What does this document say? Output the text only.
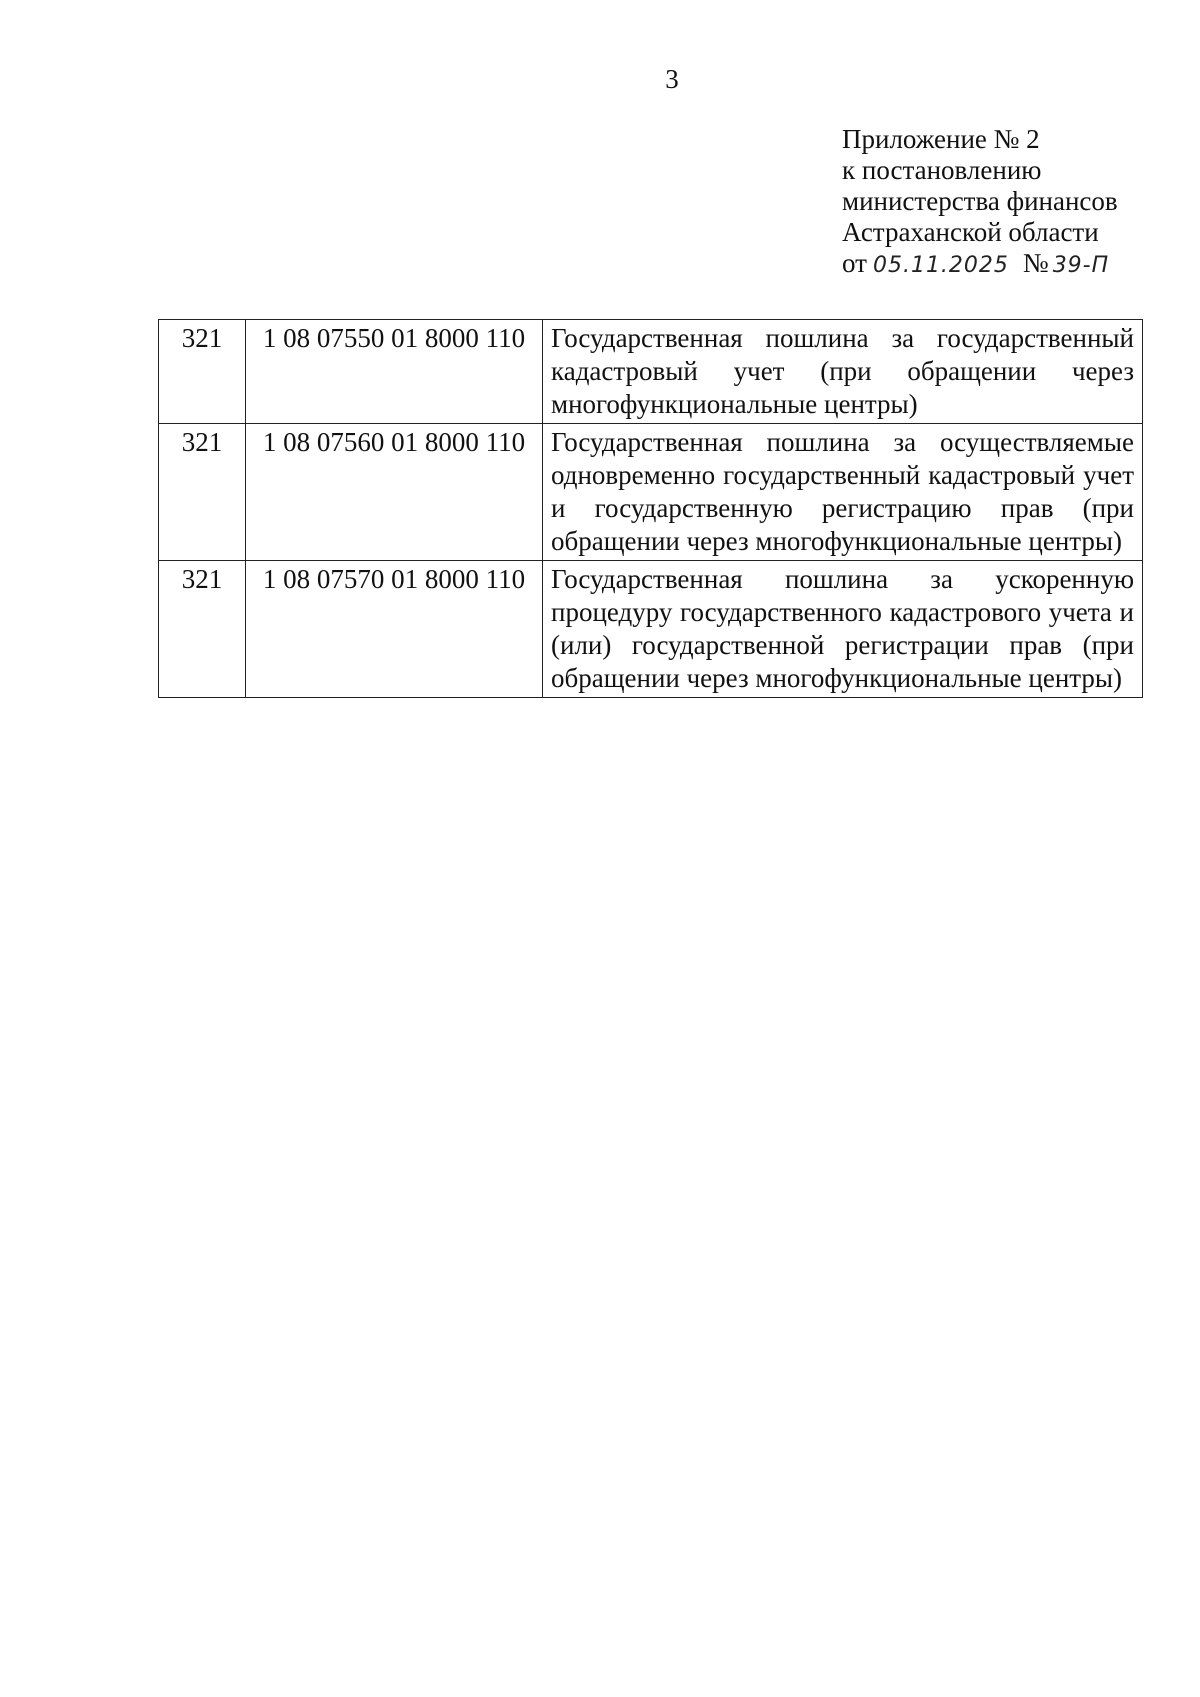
3
Приложение № 2
к постановлению
министерства финансов
Астраханской области
от 05.11.2025 № 39-П
321	1 08 07550 01 8000 110	Государственная пошлина за государственный кадастровый учет (при обращении через многофункциональные центры)
321	1 08 07560 01 8000 110	Государственная пошлина за осуществляемые одновременно государственный кадастровый учет и государственную регистрацию прав (при обращении через многофункциональные центры)
321	1 08 07570 01 8000 110	Государственная пошлина за ускоренную процедуру государственного кадастрового учета и (или) государственной регистрации прав (при обращении через многофункциональные центры)
